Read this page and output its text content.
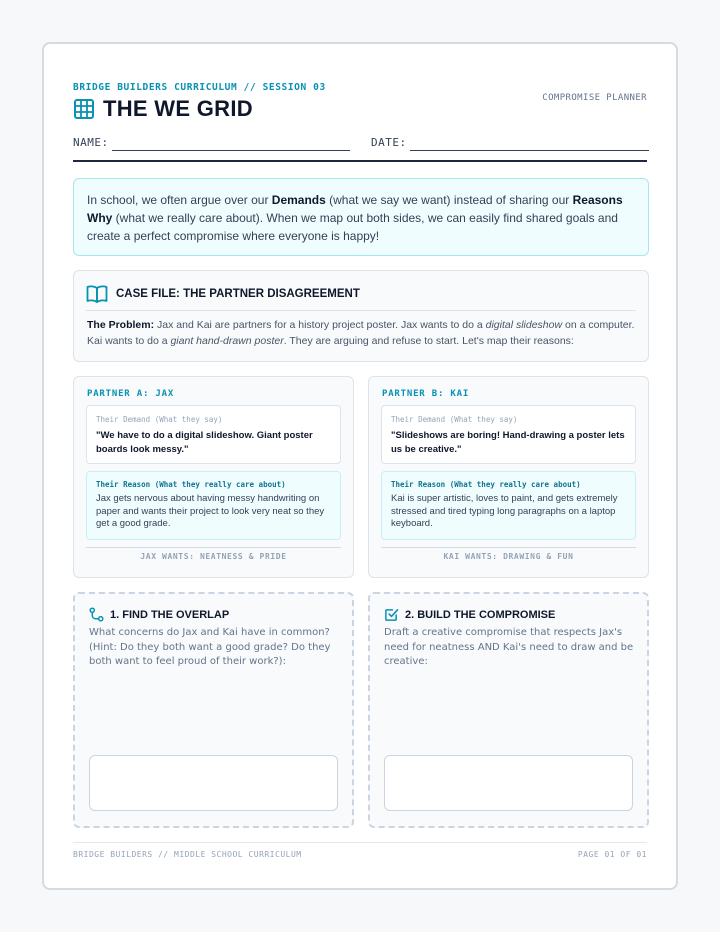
BRIDGE BUILDERS CURRICULUM // SESSION 03
THE WE GRID	COMPROMISE PLANNER
NAME:	DATE:
In school, we often argue over our Demands (what we say we want) instead of sharing our Reasons Why (what we really care about). When we map out both sides, we can easily find shared goals and create a perfect compromise where everyone is happy!
CASE FILE: THE PARTNER DISAGREEMENT
The Problem: Jax and Kai are partners for a history project poster. Jax wants to do a digital slideshow on a computer. Kai wants to do a giant hand-drawn poster. They are arguing and refuse to start. Let's map their reasons:
PARTNER A: JAX
Their Demand (What they say)
"We have to do a digital slideshow. Giant poster boards look messy."
Their Reason (What they really care about)
Jax gets nervous about having messy handwriting on paper and wants their project to look very neat so they get a good grade.
JAX WANTS: NEATNESS & PRIDE
PARTNER B: KAI
Their Demand (What they say)
"Slideshows are boring! Hand-drawing a poster lets us be creative."
Their Reason (What they really care about)
Kai is super artistic, loves to paint, and gets extremely stressed and tired typing long paragraphs on a laptop keyboard.
KAI WANTS: DRAWING & FUN
1. FIND THE OVERLAP
What concerns do Jax and Kai have in common? (Hint: Do they both want a good grade? Do they both want to feel proud of their work?):
2. BUILD THE COMPROMISE
Draft a creative compromise that respects Jax's need for neatness AND Kai's need to draw and be creative:
BRIDGE BUILDERS // MIDDLE SCHOOL CURRICULUM	PAGE 01 OF 01
